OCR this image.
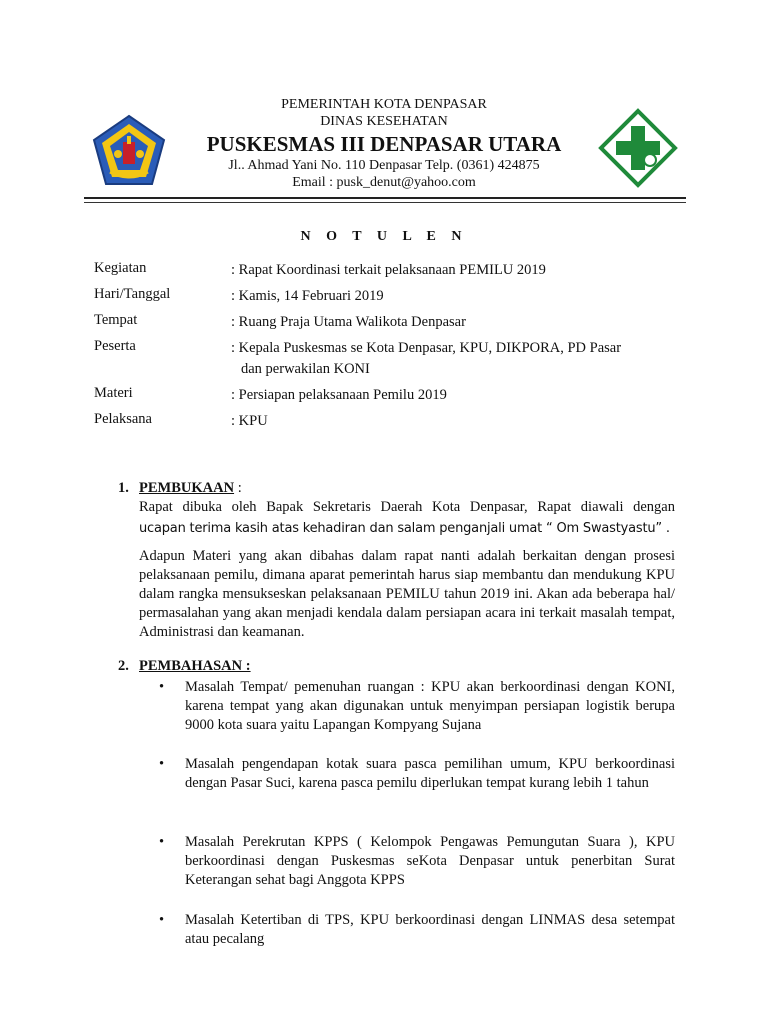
PEMERINTAH KOTA DENPASAR
DINAS KESEHATAN
PUSKESMAS III DENPASAR UTARA
Jl.. Ahmad Yani No. 110 Denpasar Telp. (0361) 424875
Email : pusk_denut@yahoo.com
N O T U L E N
Kegiatan	: Rapat Koordinasi terkait pelaksanaan PEMILU 2019
Hari/Tanggal	: Kamis, 14 Februari 2019
Tempat	: Ruang Praja Utama Walikota Denpasar
Peserta	: Kepala Puskesmas se Kota Denpasar, KPU, DIKPORA, PD Pasar
dan perwakilan KONI
Materi	: Persiapan pelaksanaan Pemilu 2019
Pelaksana	: KPU
1. PEMBUKAAN :
Rapat dibuka oleh Bapak Sekretaris Daerah Kota Denpasar, Rapat diawali dengan
ucapan terima kasih atas kehadiran dan salam penganjali umat “ Om Swastyastu” .
Adapun Materi yang akan dibahas dalam rapat nanti adalah berkaitan dengan prosesi pelaksanaan pemilu, dimana aparat pemerintah harus siap membantu dan mendukung KPU dalam rangka mensukseskan pelaksanaan PEMILU tahun 2019 ini. Akan ada beberapa hal/ permasalahan yang akan menjadi kendala dalam persiapan acara ini terkait masalah tempat, Administrasi dan keamanan.
2. PEMBAHASAN :
• Masalah Tempat/ pemenuhan ruangan : KPU akan berkoordinasi dengan KONI, karena tempat yang akan digunakan untuk menyimpan persiapan logistik berupa 9000 kota suara yaitu Lapangan Kompyang Sujana
• Masalah pengendapan kotak suara pasca pemilihan umum, KPU berkoordinasi dengan Pasar Suci, karena pasca pemilu diperlukan tempat kurang lebih 1 tahun
• Masalah Perekrutan KPPS ( Kelompok Pengawas Pemungutan Suara ), KPU berkoordinasi dengan Puskesmas seKota Denpasar untuk penerbitan Surat Keterangan sehat bagi Anggota KPPS
• Masalah Ketertiban di TPS, KPU berkoordinasi dengan LINMAS desa setempat atau pecalang
